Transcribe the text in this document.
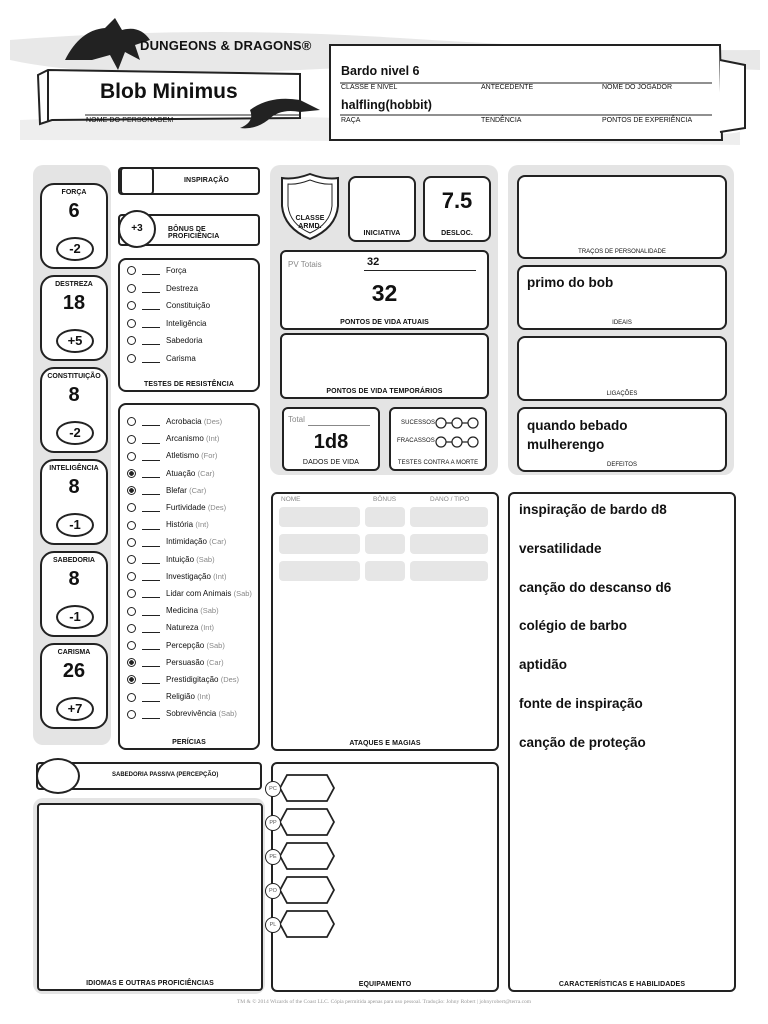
DUNGEONS & DRAGONS®
Blob Minimus
NOME DO PERSONAGEM
Bardo nivel 6
CLASSE E NÍVEL	ANTECEDENTE	NOME DO JOGADOR
halfling(hobbit)
RAÇA	TENDÊNCIA	PONTOS DE EXPERIÊNCIA
FORÇA
6
-2
DESTREZA
18
+5
CONSTITUIÇÃO
8
-2
INTELIGÊNCIA
8
-1
SABEDORIA
8
-1
CARISMA
26
+7
INSPIRAÇÃO
+3	BÔNUS DE PROFICIÊNCIA
TESTES DE RESISTÊNCIA
Força
Destreza
Constituição
Inteligência
Sabedoria
Carisma
PERÍCIAS
Acrobacia (Des)
Arcanismo (Int)
Atletismo (For)
Atuação (Car)
Blefar (Car)
Furtividade (Des)
História (Int)
Intimidação (Car)
Intuição (Sab)
Investigação (Int)
Lidar com Animais (Sab)
Medicina (Sab)
Natureza (Int)
Percepção (Sab)
Persuasão (Car)
Prestidigitação (Des)
Religião (Int)
Sobrevivência (Sab)
SABEDORIA PASSIVA (PERCEPÇÃO)
IDIOMAS E OUTRAS PROFICIÊNCIAS
CLASSE ARMD.
INICIATIVA
7.5
DESLOC.
PV Totais	32
32
PONTOS DE VIDA ATUAIS
PONTOS DE VIDA TEMPORÁRIOS
Total
1d8
DADOS DE VIDA
SUCESSOS
FRACASSOS
TESTES CONTRA A MORTE
NOME	BÔNUS	DANO / TIPO
ATAQUES E MAGIAS
EQUIPAMENTO
PC
PP
PE
PO
PL
TRAÇOS DE PERSONALIDADE
primo do bob
IDEAIS
LIGAÇÕES
quando bebado mulherengo
DEFEITOS
CARACTERÍSTICAS E HABILIDADES
inspiração de bardo d8
versatilidade
canção do descanso d6
colégio de barbo
aptidão
fonte de inspiração
canção de proteção
TM & © 2014 Wizards of the Coast LLC. Cópia permitida apenas para uso pessoal. Tradução: Johny Robert | johnyrobert@terra.com
